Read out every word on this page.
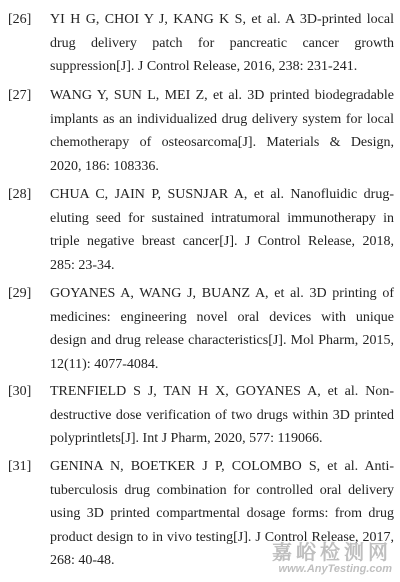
[26] YI H G, CHOI Y J, KANG K S, et al. A 3D-printed local drug delivery patch for pancreatic cancer growth suppression[J]. J Control Release, 2016, 238: 231-241.
[27] WANG Y, SUN L, MEI Z, et al. 3D printed biodegradable implants as an individualized drug delivery system for local chemotherapy of osteosarcoma[J]. Materials & Design, 2020, 186: 108336.
[28] CHUA C, JAIN P, SUSNJAR A, et al. Nanofluidic drug-eluting seed for sustained intratumoral immunotherapy in triple negative breast cancer[J]. J Control Release, 2018, 285: 23-34.
[29] GOYANES A, WANG J, BUANZ A, et al. 3D printing of medicines: engineering novel oral devices with unique design and drug release characteristics[J]. Mol Pharm, 2015, 12(11): 4077-4084.
[30] TRENFIELD S J, TAN H X, GOYANES A, et al. Non-destructive dose verification of two drugs within 3D printed polyprintlets[J]. Int J Pharm, 2020, 577: 119066.
[31] GENINA N, BOETKER J P, COLOMBO S, et al. Anti-tuberculosis drug combination for controlled oral delivery using 3D printed compartmental dosage forms: from drug product design to in vivo testing[J]. J Control Release, 2017, 268: 40-48.	嘉峪检测网
www.AnyTesting.com
